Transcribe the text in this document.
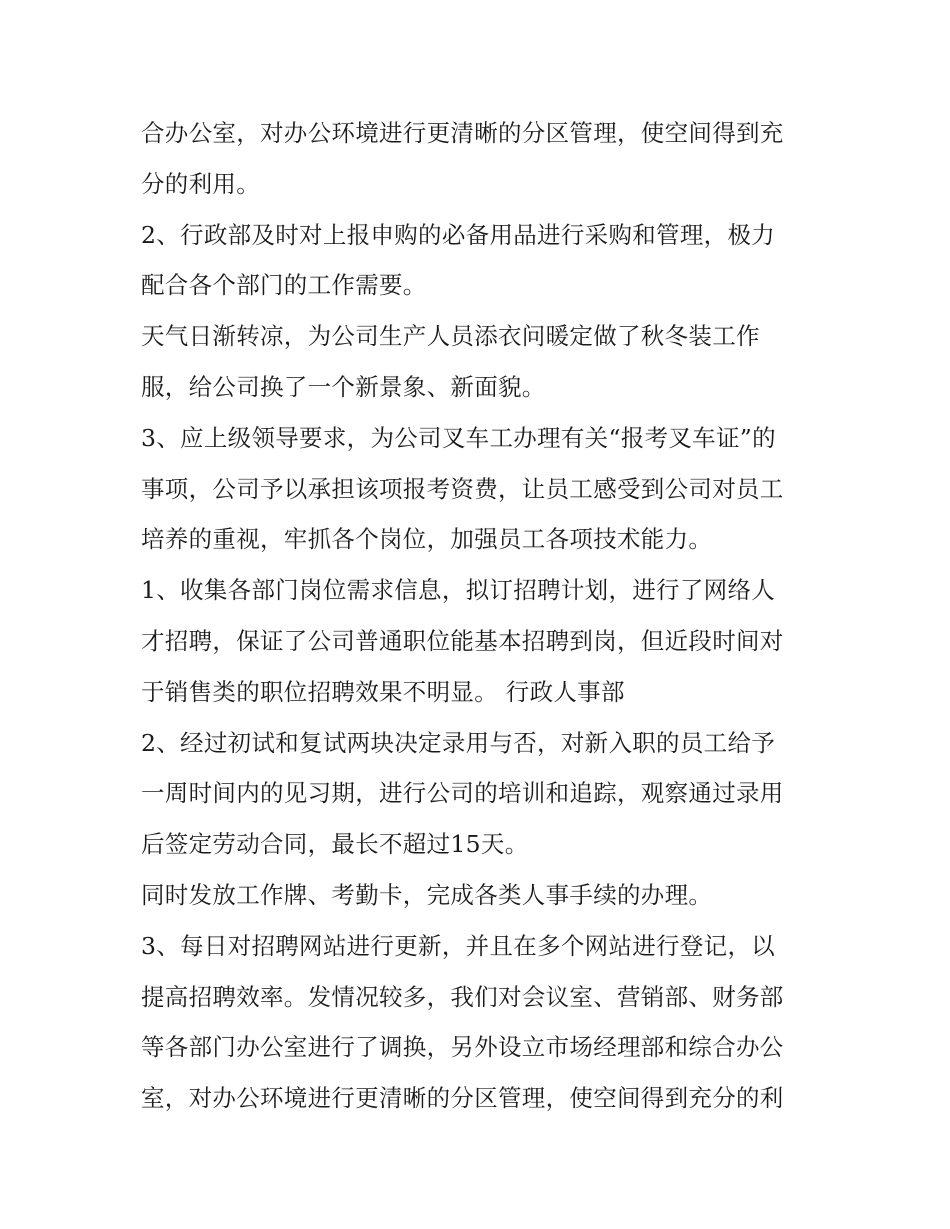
合办公室，对办公环境进行更清晰的分区管理，使空间得到充
分的利用。
2、行政部及时对上报申购的必备用品进行采购和管理，极力
配合各个部门的工作需要。
天气日渐转凉，为公司生产人员添衣问暖定做了秋冬装工作
服，给公司换了一个新景象、新面貌。
3、应上级领导要求，为公司叉车工办理有关“报考叉车证”的
事项，公司予以承担该项报考资费，让员工感受到公司对员工
培养的重视，牢抓各个岗位，加强员工各项技术能力。
1、收集各部门岗位需求信息，拟订招聘计划，进行了网络人
才招聘，保证了公司普通职位能基本招聘到岗，但近段时间对
于销售类的职位招聘效果不明显。 行政人事部
2、经过初试和复试两块决定录用与否，对新入职的员工给予
一周时间内的见习期，进行公司的培训和追踪，观察通过录用
后签定劳动合同，最长不超过15天。
同时发放工作牌、考勤卡，完成各类人事手续的办理。
3、每日对招聘网站进行更新，并且在多个网站进行登记，以
提高招聘效率。发情况较多，我们对会议室、营销部、财务部
等各部门办公室进行了调换，另外设立市场经理部和综合办公
室，对办公环境进行更清晰的分区管理，使空间得到充分的利
